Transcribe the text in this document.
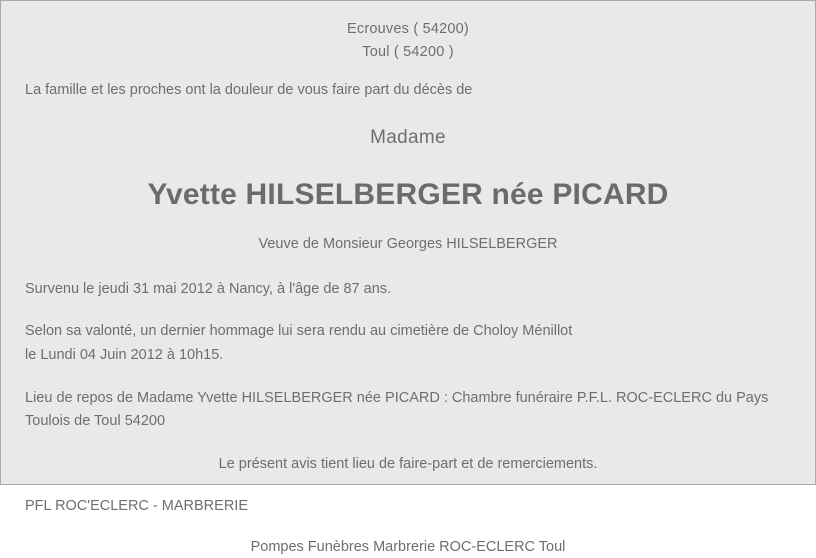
Ecrouves ( 54200)
Toul ( 54200 )
La famille et les proches ont la douleur de vous faire part du décès de
Madame
Yvette HILSELBERGER née PICARD
Veuve de Monsieur Georges HILSELBERGER
Survenu le jeudi 31 mai 2012 à Nancy, à l'âge de 87 ans.
Selon sa valonté, un dernier hommage lui sera rendu au cimetière de Choloy Ménillot
le Lundi 04 Juin 2012 à 10h15.
Lieu de repos de Madame Yvette HILSELBERGER née PICARD : Chambre funéraire P.F.L. ROC-ECLERC du Pays
Toulois de Toul 54200
Le présent avis tient lieu de faire-part et de remerciements.
PFL ROC'ECLERC - MARBRERIE
Pompes Funèbres Marbrerie ROC-ECLERC Toul
